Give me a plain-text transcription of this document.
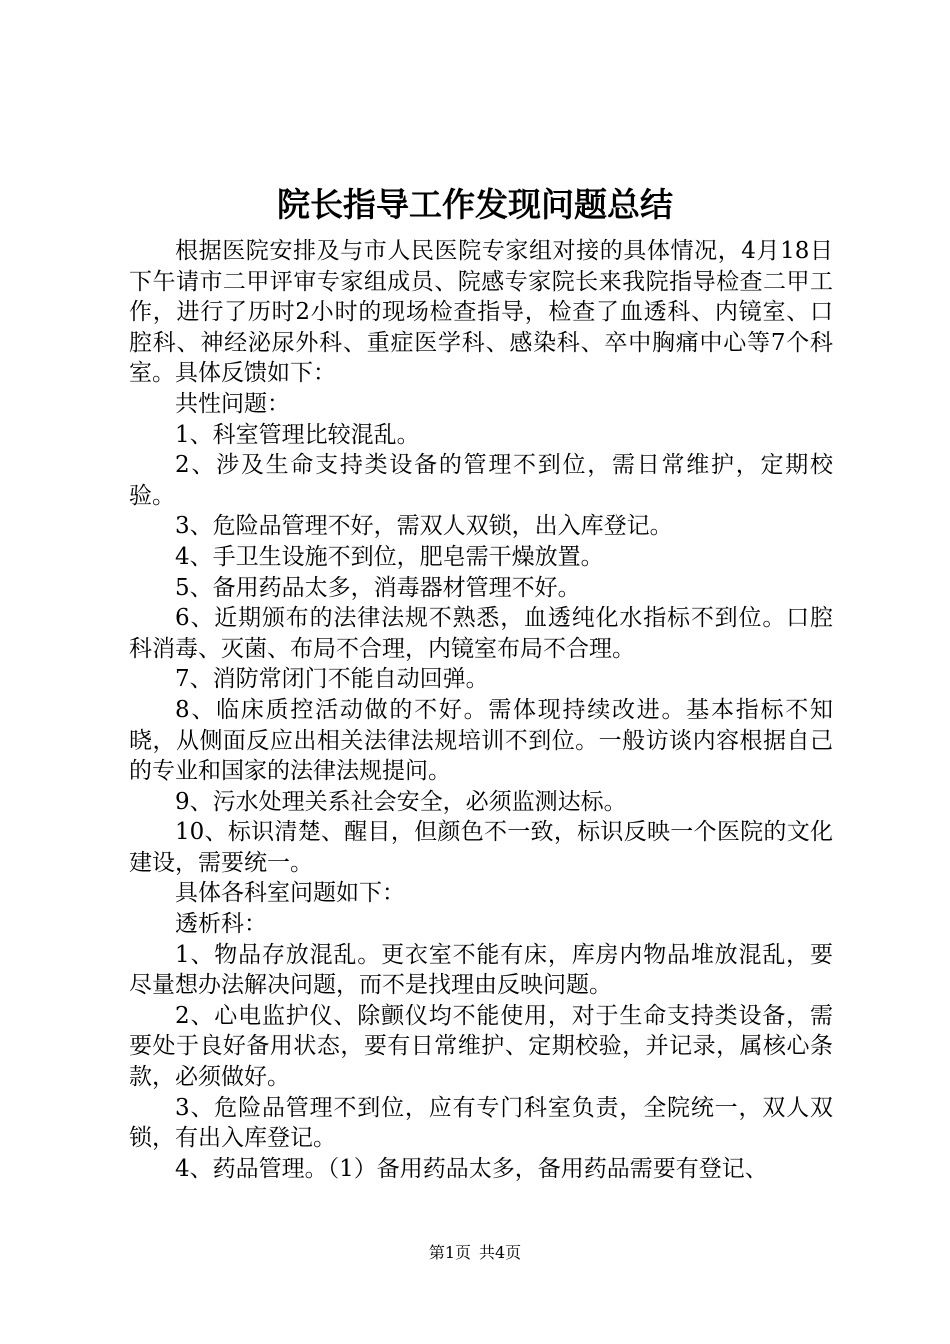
院长指导工作发现问题总结

根据医院安排及与市人民医院专家组对接的具体情况，4月18日下午请市二甲评审专家组成员、院感专家院长来我院指导检查二甲工作，进行了历时2小时的现场检查指导，检查了血透科、内镜室、口腔科、神经泌尿外科、重症医学科、感染科、卒中胸痛中心等7个科室。具体反馈如下：

共性问题：

1、科室管理比较混乱。

2、涉及生命支持类设备的管理不到位，需日常维护，定期校验。

3、危险品管理不好，需双人双锁，出入库登记。

4、手卫生设施不到位，肥皂需干燥放置。

5、备用药品太多，消毒器材管理不好。

6、近期颁布的法律法规不熟悉，血透纯化水指标不到位。口腔科消毒、灭菌、布局不合理，内镜室布局不合理。

7、消防常闭门不能自动回弹。

8、临床质控活动做的不好。需体现持续改进。基本指标不知晓，从侧面反应出相关法律法规培训不到位。一般访谈内容根据自己的专业和国家的法律法规提问。

9、污水处理关系社会安全，必须监测达标。

10、标识清楚、醒目，但颜色不一致，标识反映一个医院的文化建设，需要统一。

具体各科室问题如下：

透析科：

1、物品存放混乱。更衣室不能有床，库房内物品堆放混乱，要尽量想办法解决问题，而不是找理由反映问题。

2、心电监护仪、除颤仪均不能使用，对于生命支持类设备，需要处于良好备用状态，要有日常维护、定期校验，并记录，属核心条款，必须做好。

3、危险品管理不到位，应有专门科室负责，全院统一，双人双锁，有出入库登记。

4、药品管理。（1）备用药品太多，备用药品需要有登记、

第1页 共4页
